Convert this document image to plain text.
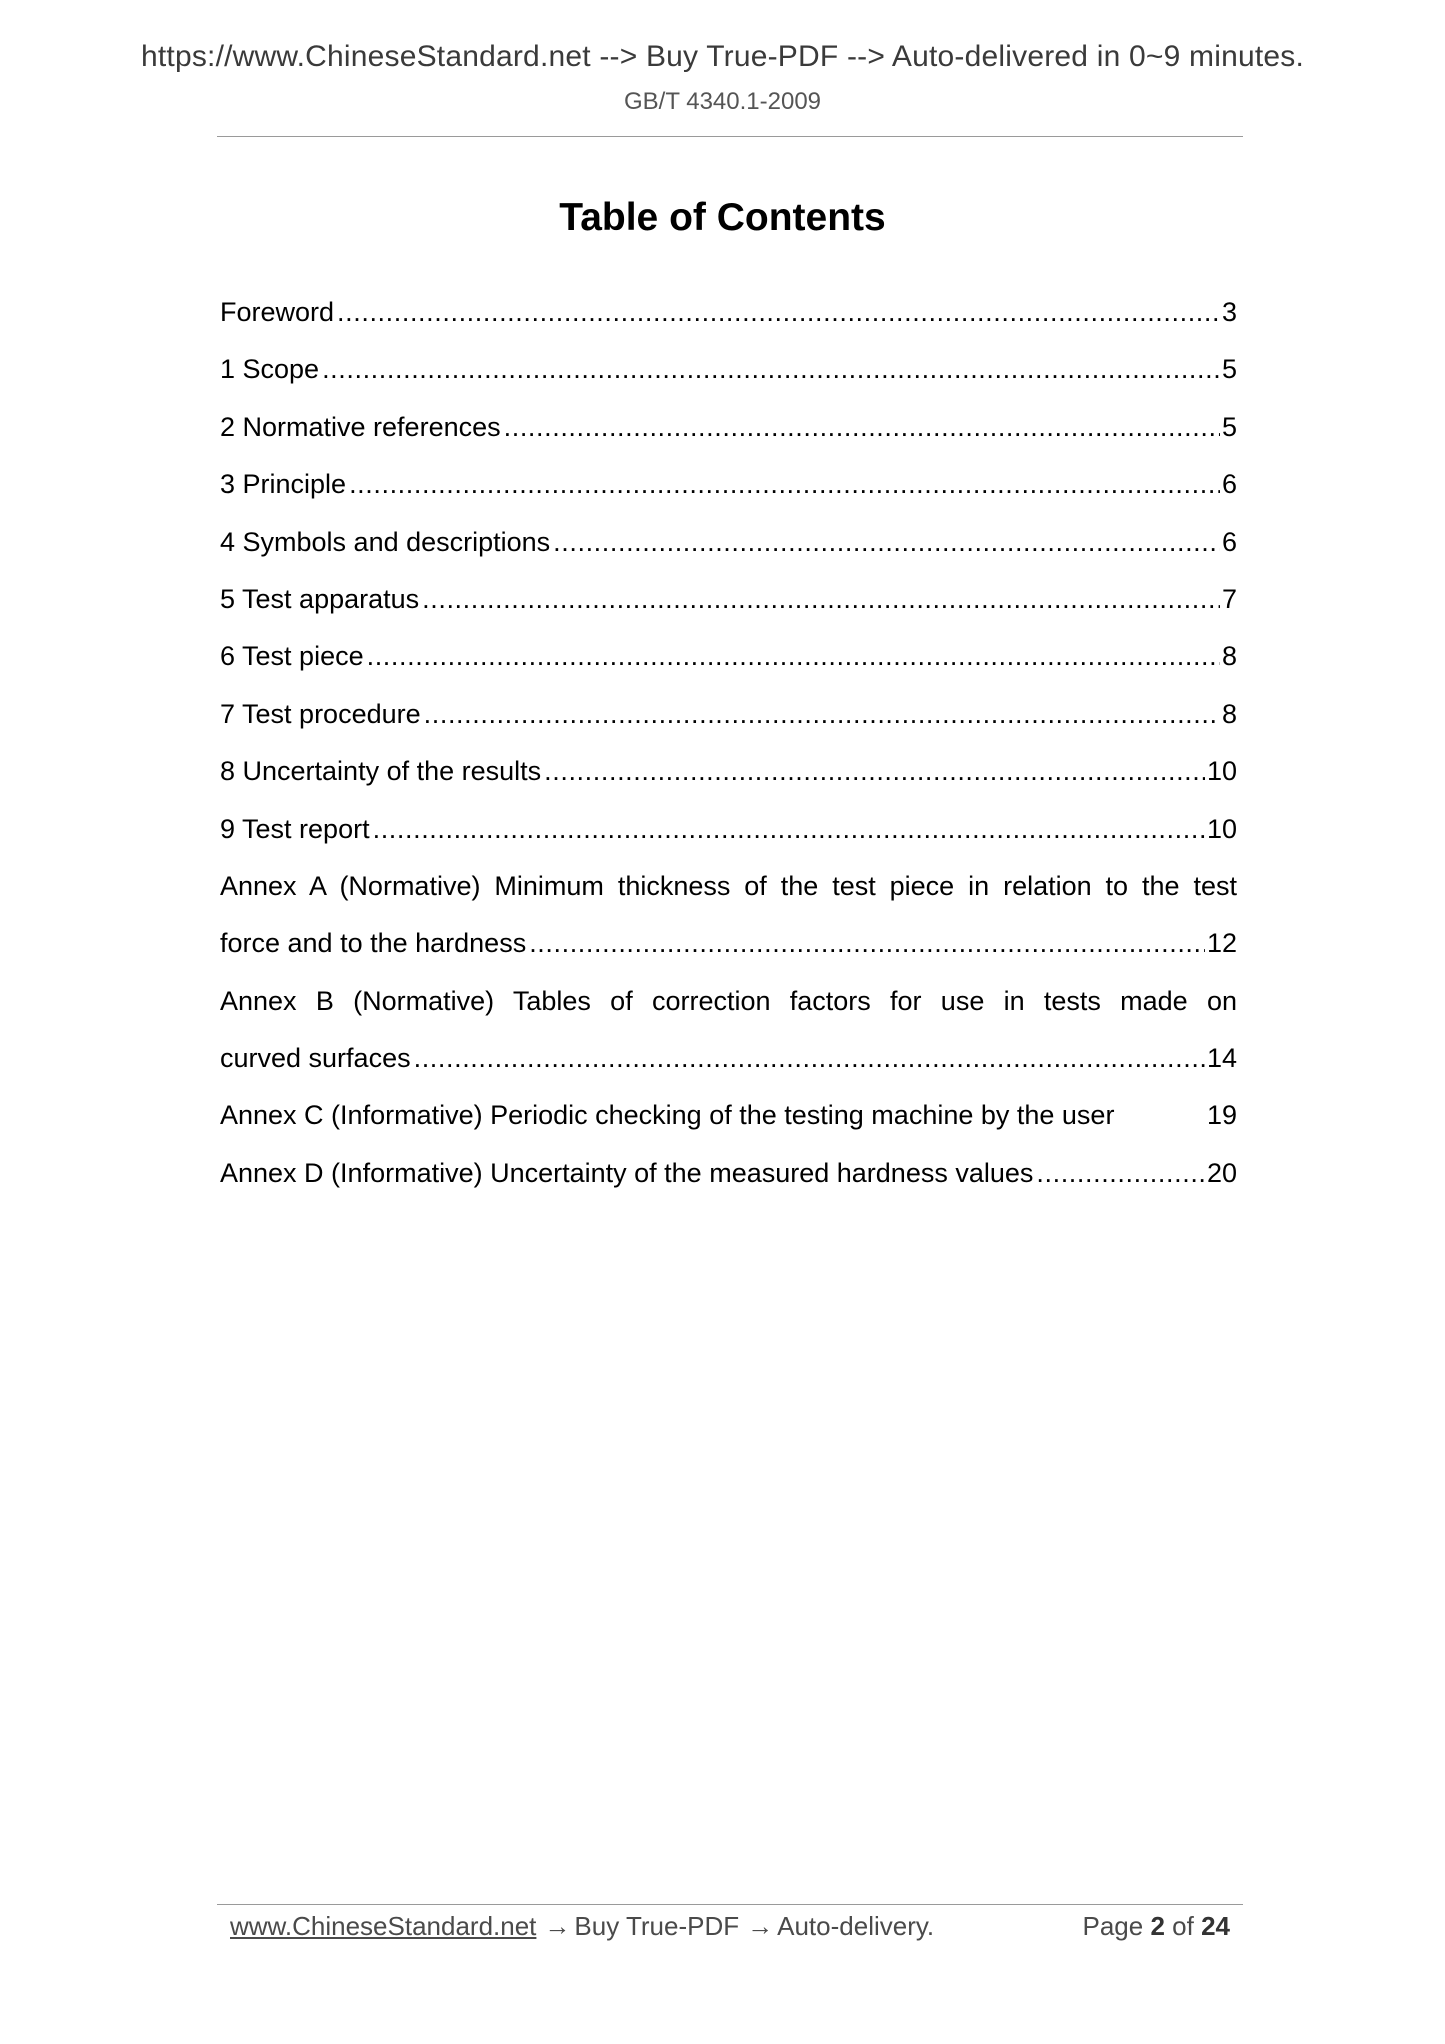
https://www.ChineseStandard.net --> Buy True-PDF --> Auto-delivered in 0~9 minutes.
GB/T 4340.1-2009
Table of Contents
Foreword .....	3
1 Scope .....	5
2 Normative references .....	5
3 Principle .....	6
4 Symbols and descriptions .....	6
5 Test apparatus .....	7
6 Test piece .....	8
7 Test procedure .....	8
8 Uncertainty of the results .....	10
9 Test report .....	10
Annex A (Normative) Minimum thickness of the test piece in relation to the test
force and to the hardness .....	12
Annex B (Normative) Tables of correction factors for use in tests made on
curved surfaces .....	14
Annex C (Informative) Periodic checking of the testing machine by the user	19
Annex D (Informative) Uncertainty of the measured hardness values .....	20
www.ChineseStandard.net → Buy True-PDF → Auto-delivery.	Page 2 of 24
